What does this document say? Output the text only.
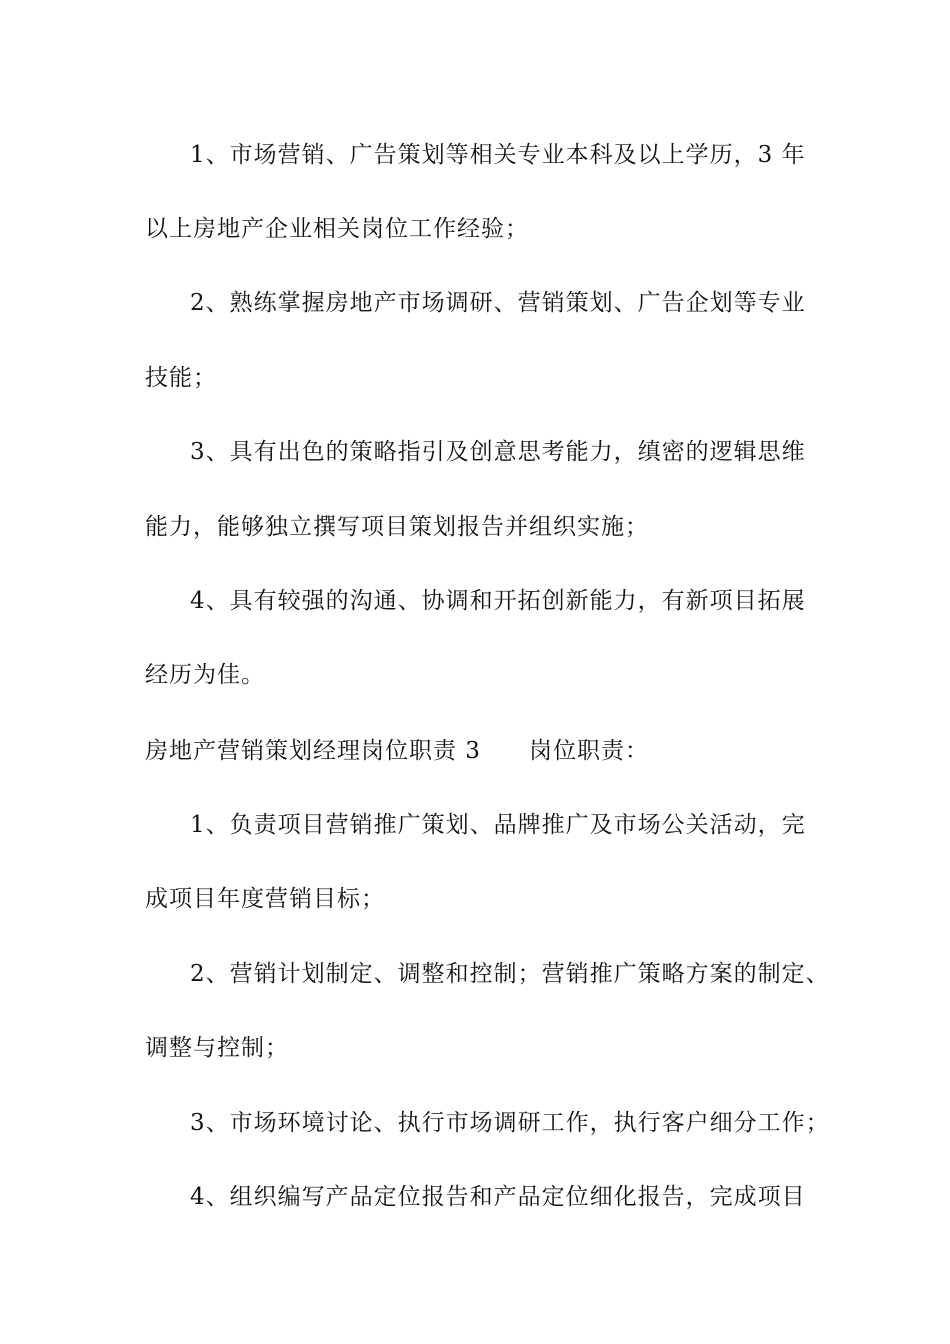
1、市场营销、广告策划等相关专业本科及以上学历，3 年
以上房地产企业相关岗位工作经验；
2、熟练掌握房地产市场调研、营销策划、广告企划等专业
技能；
3、具有出色的策略指引及创意思考能力，缜密的逻辑思维
能力，能够独立撰写项目策划报告并组织实施；
4、具有较强的沟通、协调和开拓创新能力，有新项目拓展
经历为佳。
房地产营销策划经理岗位职责 3 岗位职责：
1、负责项目营销推广策划、品牌推广及市场公关活动，完
成项目年度营销目标；
2、营销计划制定、调整和控制；营销推广策略方案的制定、
调整与控制；
3、市场环境讨论、执行市场调研工作，执行客户细分工作；
4、组织编写产品定位报告和产品定位细化报告，完成项目
